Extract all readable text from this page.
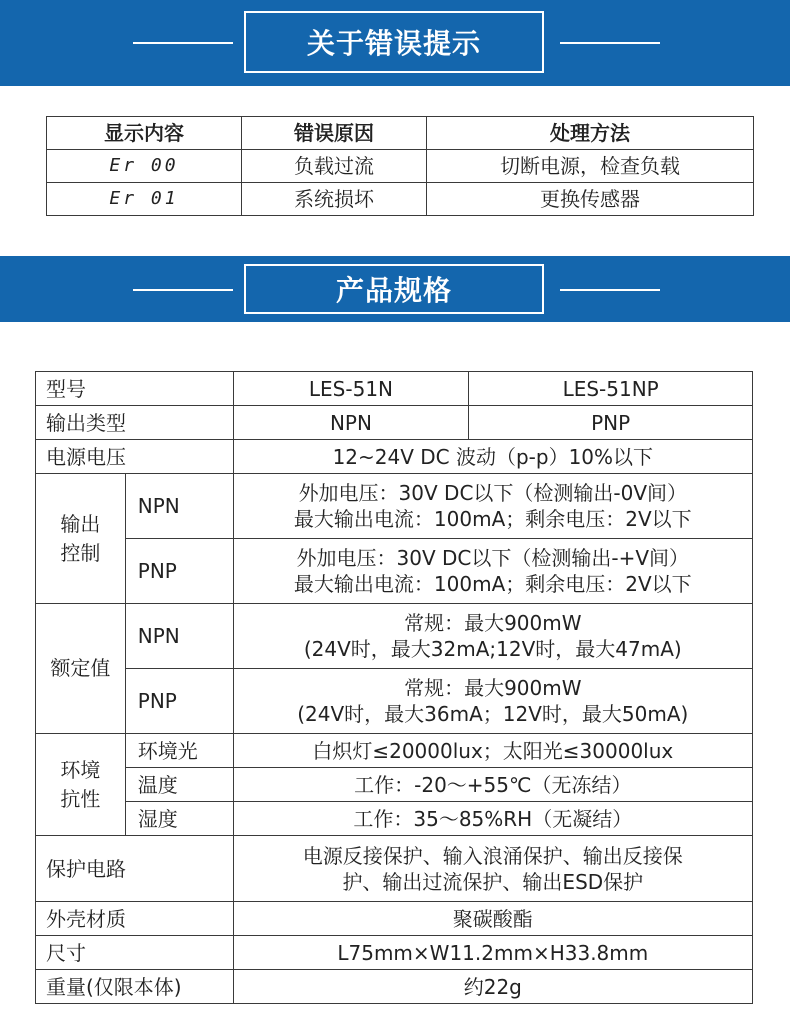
关于错误提示
显示内容	错误原因	处理方法
Er 00	负载过流	切断电源，检查负载
Er 01	系统损坏	更换传感器
产品规格
型号		LES-51N	LES-51NP
输出类型		NPN	PNP
电源电压		12~24V DC 波动（p-p）10%以下	

输出
控制	NPN	外加电压：30V DC以下（检测输出-0V间）
最大输出电流：100mA；剩余电压：2V以下	

	PNP	外加电压：30V DC以下（检测输出-+V间）
最大输出电流：100mA；剩余电压：2V以下	

额定值	NPN	常规：最大900mW
(24V时，最大32mA;12V时，最大47mA)	

	PNP	常规：最大900mW
(24V时，最大36mA；12V时，最大50mA)	

环境
抗性	环境光	白炽灯≤20000lux；太阳光≤30000lux	
	温度	工作：-20～+55℃（无冻结）	
	湿度	工作：35～85%RH（无凝结）	
保护电路		电源反接保护、输入浪涌保护、输出反接保
护、输出过流保护、输出ESD保护	

外壳材质		聚碳酸酯	
尺寸		L75mm×W11.2mm×H33.8mm	
重量(仅限本体)		约22g	
